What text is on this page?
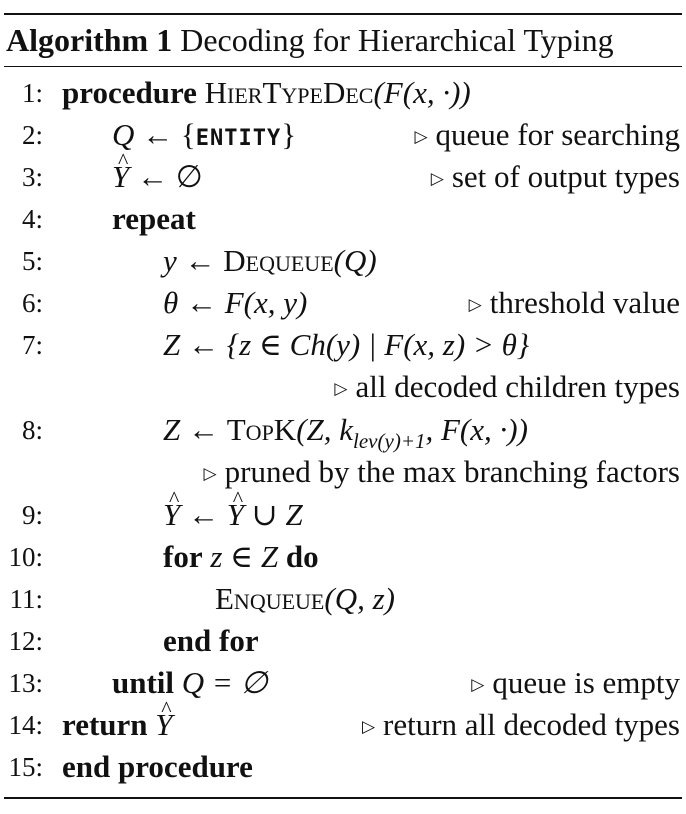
Algorithm 1 Decoding for Hierarchical Typing
1: procedure HierTypeDec(F(x, ·))
2: Q ← {ENTITY}	▷ queue for searching
3: ^ Y ← ∅	▷ set of output types
4: repeat
5:	y ← Dequeue(Q)
6:	θ ← F(x, y)	▷ threshold value
7:	Z ← {z ∈ Ch(y) | F(x, z) > θ}
▷ all decoded children types
8:	Z ← TopK(Z, $k_{lev(y)+1}$, F(x, ·))
▷ pruned by the max branching factors
9:	^ Y ← ^ Y ∪ Z
10:	for z ∈ Z do
11:	Enqueue(Q, z)
12:	end for
13: until Q = ∅	▷ queue is empty
14: return ^ Y	▷ return all decoded types
15: end procedure
